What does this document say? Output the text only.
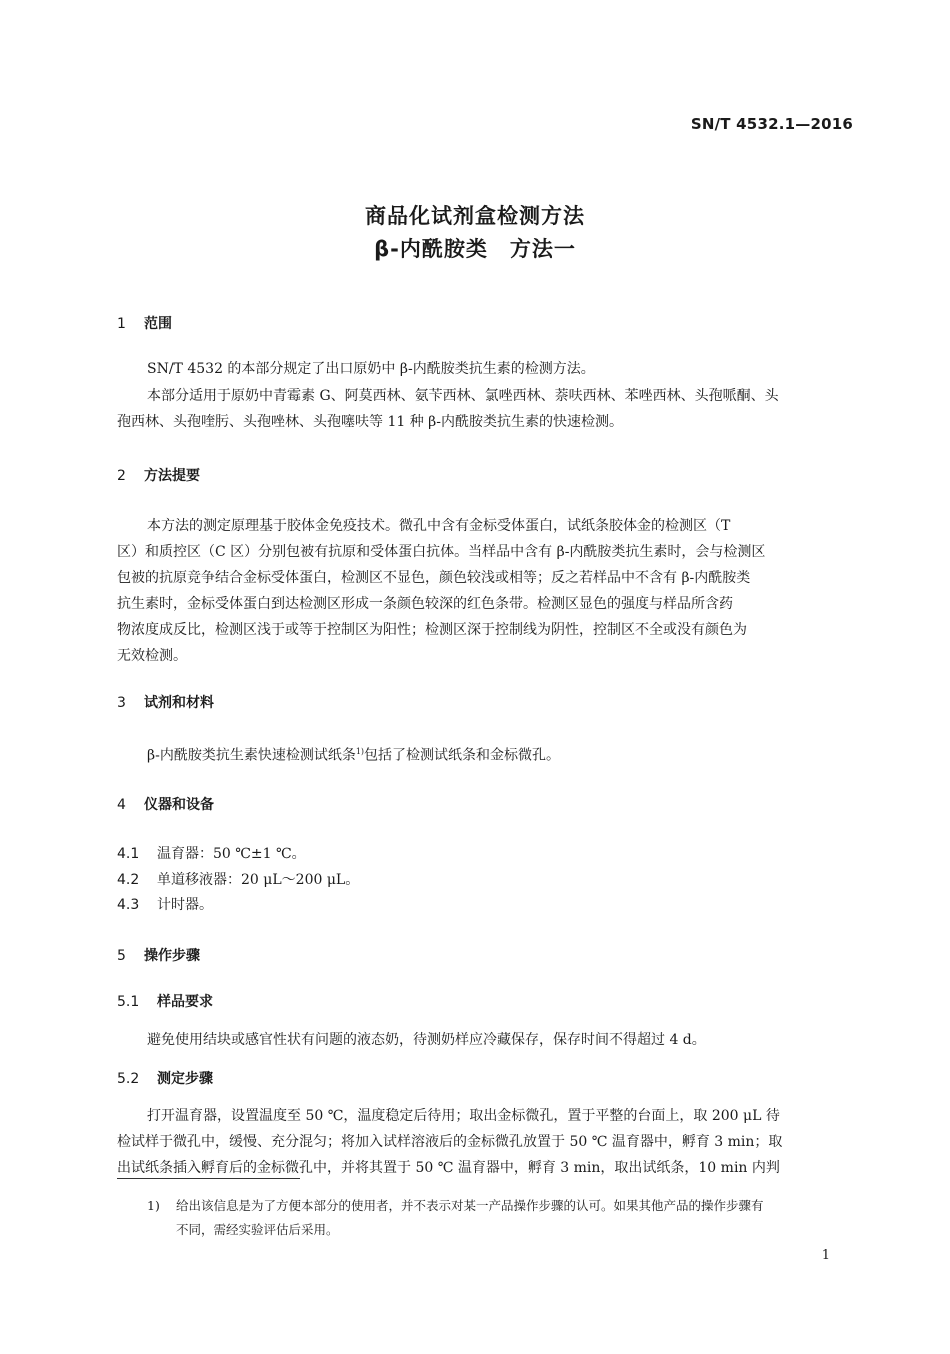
SN/T 4532.1—2016
商品化试剂盒检测方法
β-内酰胺类　方法一
1 范围
SN/T 4532 的本部分规定了出口原奶中 β-内酰胺类抗生素的检测方法。
本部分适用于原奶中青霉素 G、阿莫西林、氨苄西林、氯唑西林、萘呋西林、苯唑西林、头孢哌酮、头
孢西林、头孢喹肟、头孢唑林、头孢噻呋等 11 种 β-内酰胺类抗生素的快速检测。
2 方法提要
本方法的测定原理基于胶体金免疫技术。微孔中含有金标受体蛋白，试纸条胶体金的检测区（T
区）和质控区（C 区）分别包被有抗原和受体蛋白抗体。当样品中含有 β-内酰胺类抗生素时，会与检测区
包被的抗原竞争结合金标受体蛋白，检测区不显色，颜色较浅或相等；反之若样品中不含有 β-内酰胺类
抗生素时，金标受体蛋白到达检测区形成一条颜色较深的红色条带。检测区显色的强度与样品所含药
物浓度成反比，检测区浅于或等于控制区为阳性；检测区深于控制线为阴性，控制区不全或没有颜色为
无效检测。
3 试剂和材料
β-内酰胺类抗生素快速检测试纸条$^{1)}$包括了检测试纸条和金标微孔。
4 仪器和设备
4.1 温育器：50 ℃±1 ℃。
4.2 单道移液器：20 μL～200 μL。
4.3 计时器。
5 操作步骤
5.1 样品要求
避免使用结块或感官性状有问题的液态奶，待测奶样应冷藏保存，保存时间不得超过 4 d。
5.2 测定步骤
打开温育器，设置温度至 50 ℃，温度稳定后待用；取出金标微孔，置于平整的台面上，取 200 μL 待
检试样于微孔中，缓慢、充分混匀；将加入试样溶液后的金标微孔放置于 50 ℃ 温育器中，孵育 3 min；取
出试纸条插入孵育后的金标微孔中，并将其置于 50 ℃ 温育器中，孵育 3 min，取出试纸条，10 min 内判
1) 给出该信息是为了方便本部分的使用者，并不表示对某一产品操作步骤的认可。如果其他产品的操作步骤有
不同，需经实验评估后采用。
1
